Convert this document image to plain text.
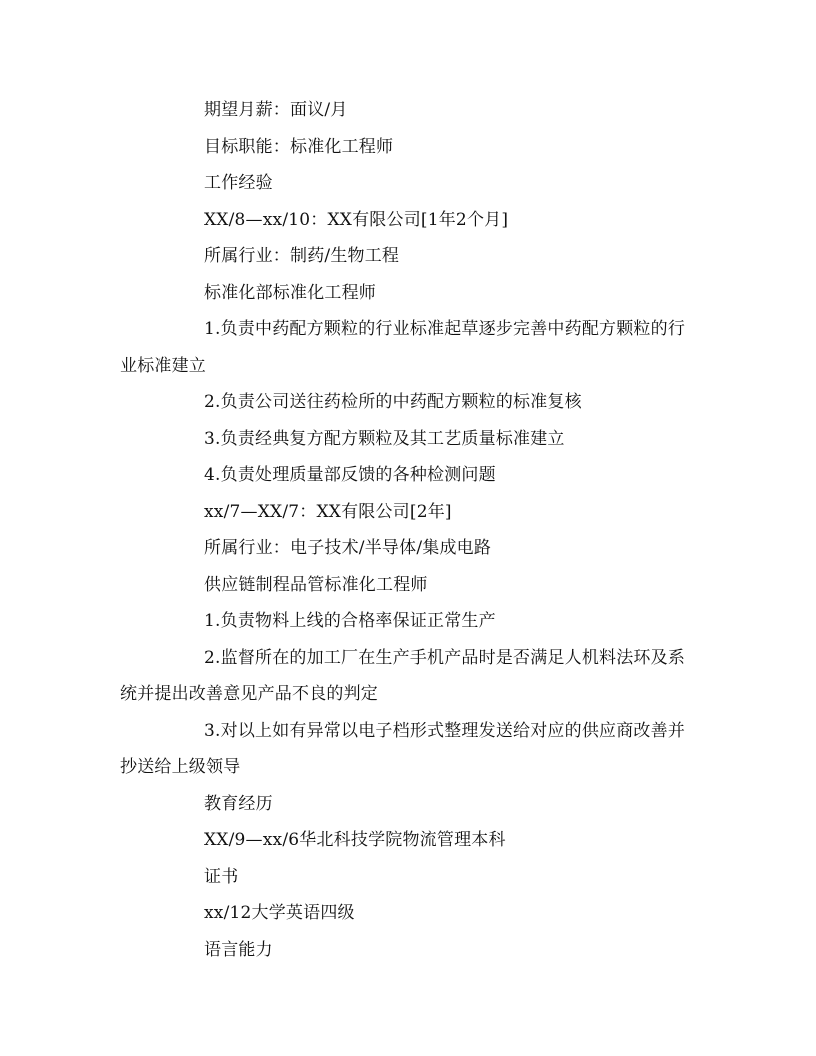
期望月薪：面议/月

目标职能：标准化工程师

工作经验

XX/8—xx/10：XX有限公司[1年2个月]

所属行业：制药/生物工程

标准化部标准化工程师

1.负责中药配方颗粒的行业标准起草逐步完善中药配方颗粒的行业标准建立

2.负责公司送往药检所的中药配方颗粒的标准复核

3.负责经典复方配方颗粒及其工艺质量标准建立

4.负责处理质量部反馈的各种检测问题

xx/7—XX/7：XX有限公司[2年]

所属行业：电子技术/半导体/集成电路

供应链制程品管标准化工程师

1.负责物料上线的合格率保证正常生产

2.监督所在的加工厂在生产手机产品时是否满足人机料法环及系统并提出改善意见产品不良的判定

3.对以上如有异常以电子档形式整理发送给对应的供应商改善并抄送给上级领导

教育经历

XX/9—xx/6华北科技学院物流管理本科

证书

xx/12大学英语四级

语言能力
